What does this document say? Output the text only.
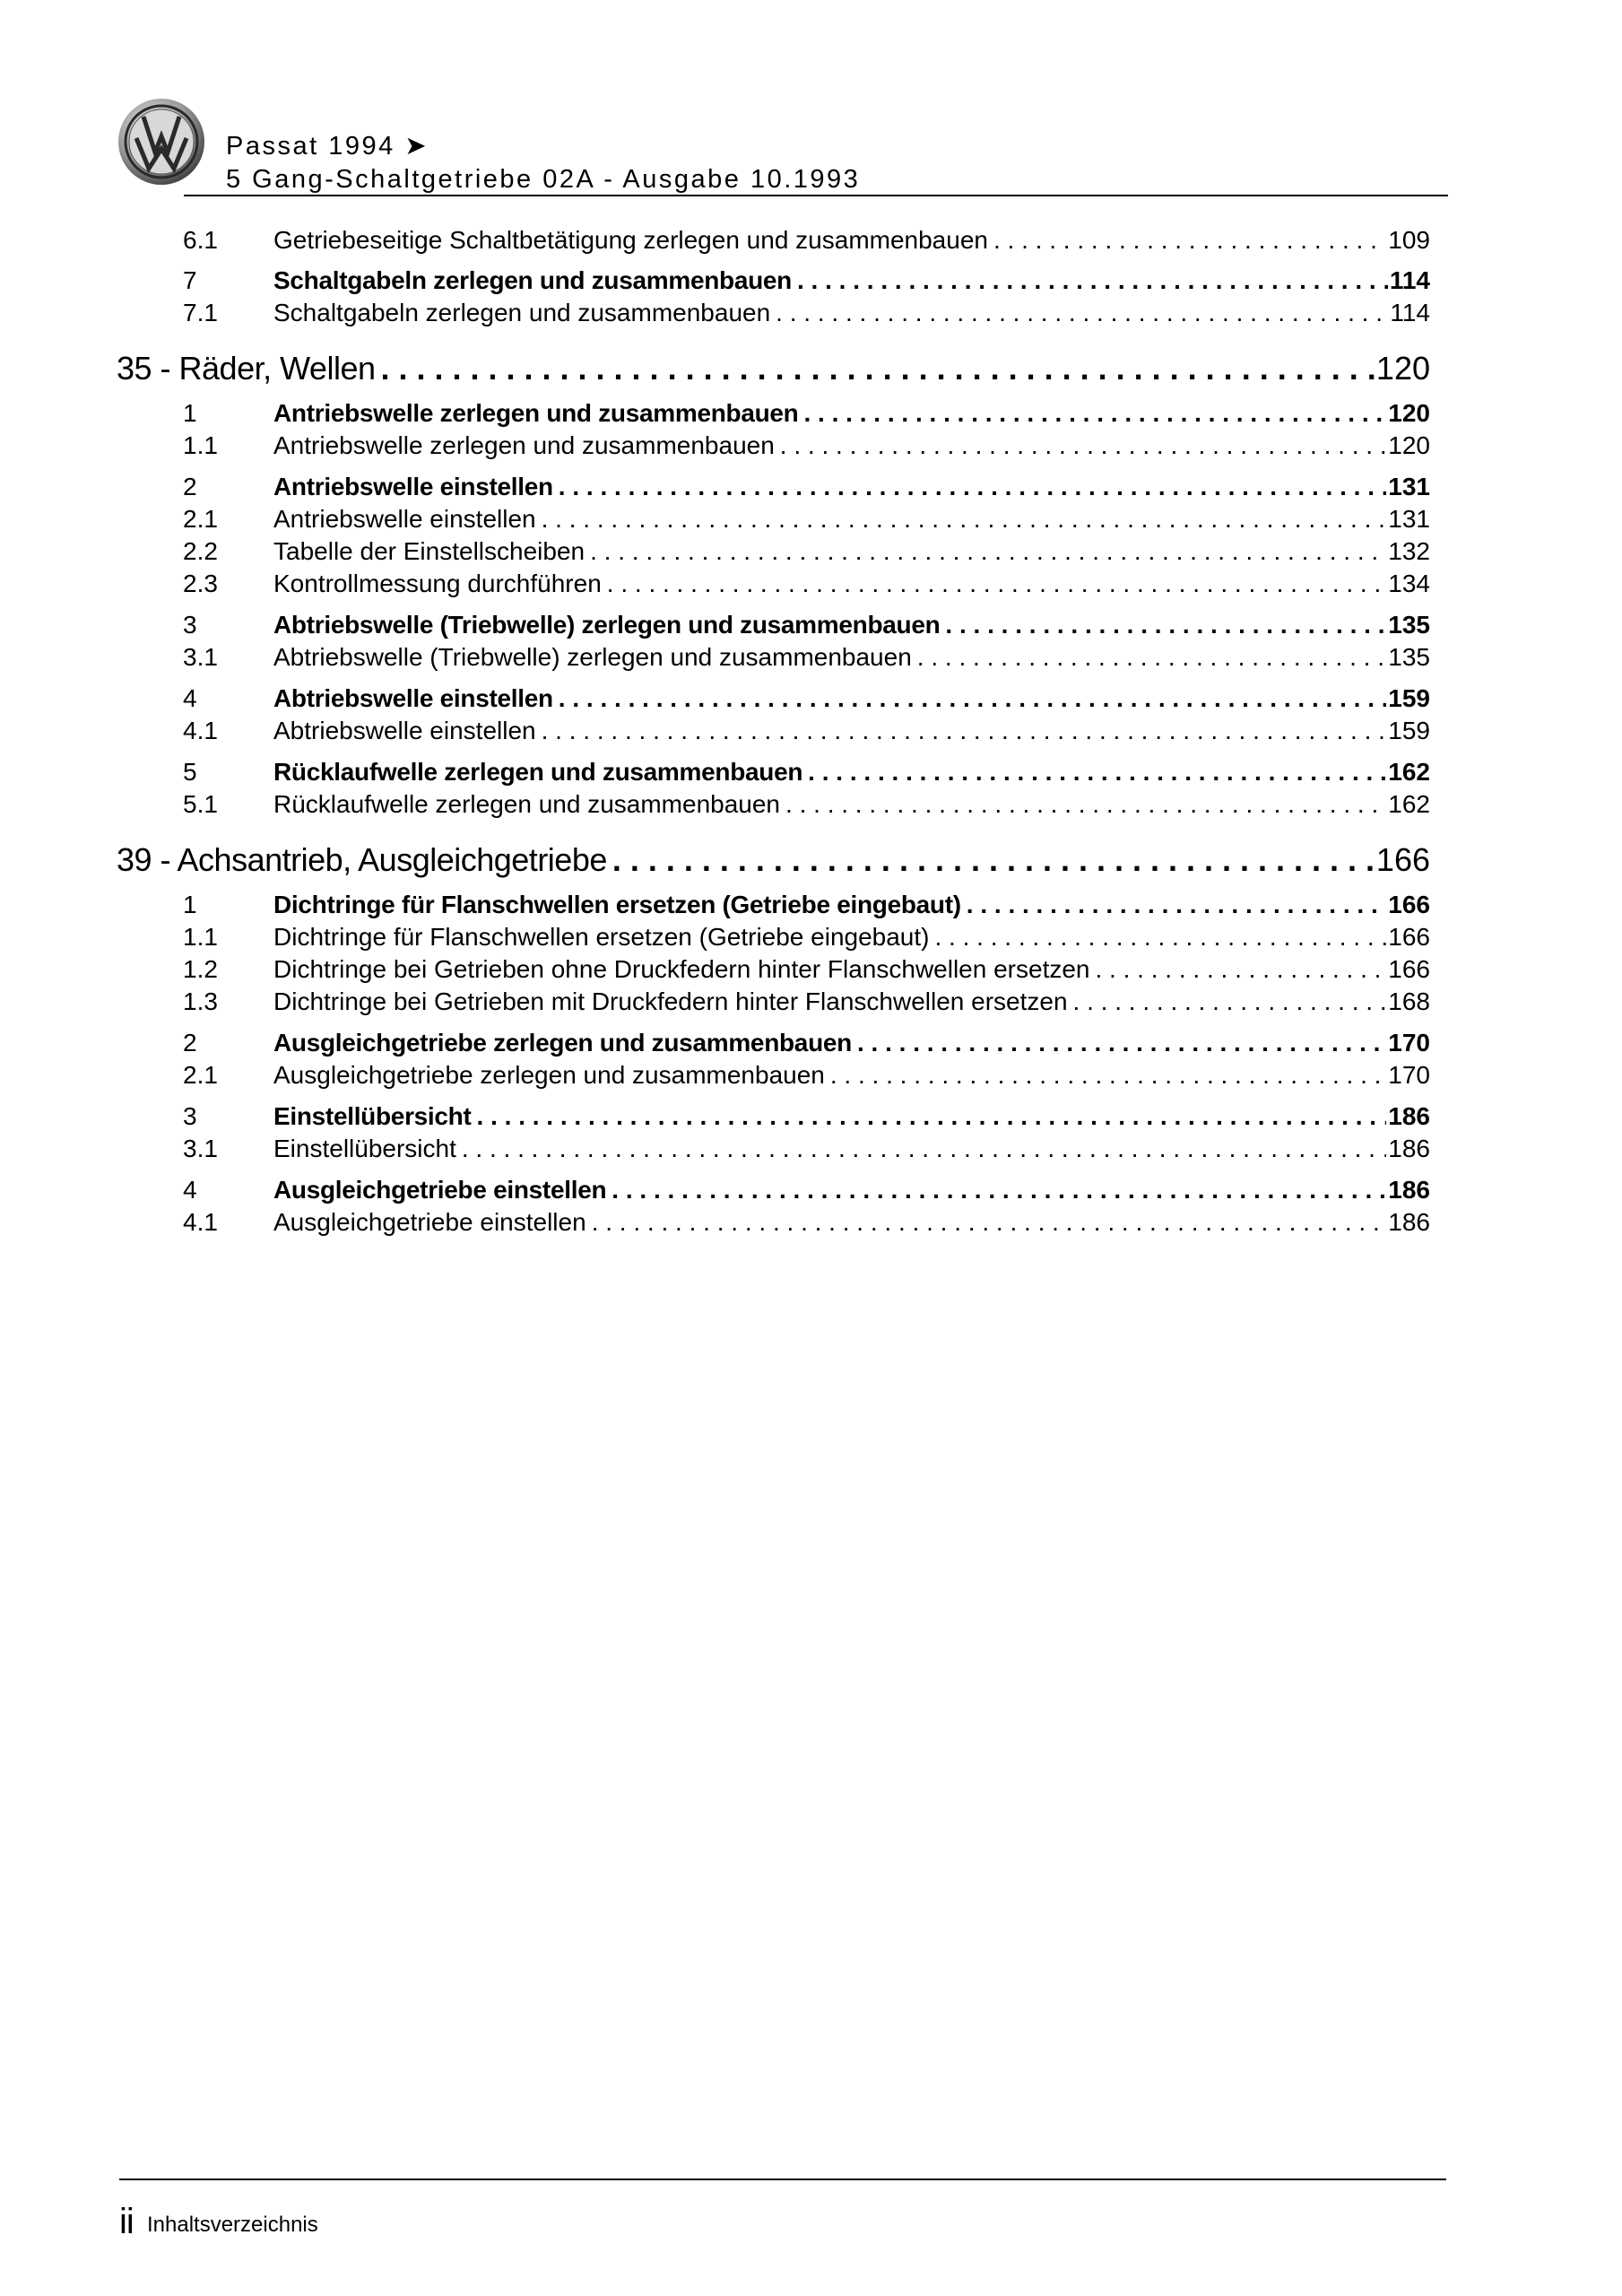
Passat 1994 ➤
5 Gang-Schaltgetriebe 02A - Ausgabe 10.1993
6.1 Getriebeseitige Schaltbetätigung zerlegen und zusammenbauen . . .	109
7	Schaltgabeln zerlegen und zusammenbauen . . .	114
7.1 Schaltgabeln zerlegen und zusammenbauen . . .	114
35 - Räder, Wellen . . .	120
1	Antriebswelle zerlegen und zusammenbauen . . .	120
1.1 Antriebswelle zerlegen und zusammenbauen . . .	120
2	Antriebswelle einstellen . . .	131
2.1 Antriebswelle einstellen . . .	131
2.2 Tabelle der Einstellscheiben . . .	132
2.3 Kontrollmessung durchführen . . .	134
3	Abtriebswelle (Triebwelle) zerlegen und zusammenbauen . . .	135
3.1 Abtriebswelle (Triebwelle) zerlegen und zusammenbauen . . .	135
4	Abtriebswelle einstellen . . .	159
4.1 Abtriebswelle einstellen . . .	159
5	Rücklaufwelle zerlegen und zusammenbauen . . .	162
5.1 Rücklaufwelle zerlegen und zusammenbauen . . .	162
39 - Achsantrieb, Ausgleichgetriebe . . .	166
1	Dichtringe für Flanschwellen ersetzen (Getriebe eingebaut) . . .	166
1.1 Dichtringe für Flanschwellen ersetzen (Getriebe eingebaut) . . .	166
1.2 Dichtringe bei Getrieben ohne Druckfedern hinter Flanschwellen ersetzen . . .	166
1.3 Dichtringe bei Getrieben mit Druckfedern hinter Flanschwellen ersetzen . . .	168
2	Ausgleichgetriebe zerlegen und zusammenbauen . . .	170
2.1 Ausgleichgetriebe zerlegen und zusammenbauen . . .	170
3	Einstellübersicht . . .	186
3.1 Einstellübersicht . . .	186
4	Ausgleichgetriebe einstellen . . .	186
4.1 Ausgleichgetriebe einstellen . . .	186
ii Inhaltsverzeichnis
